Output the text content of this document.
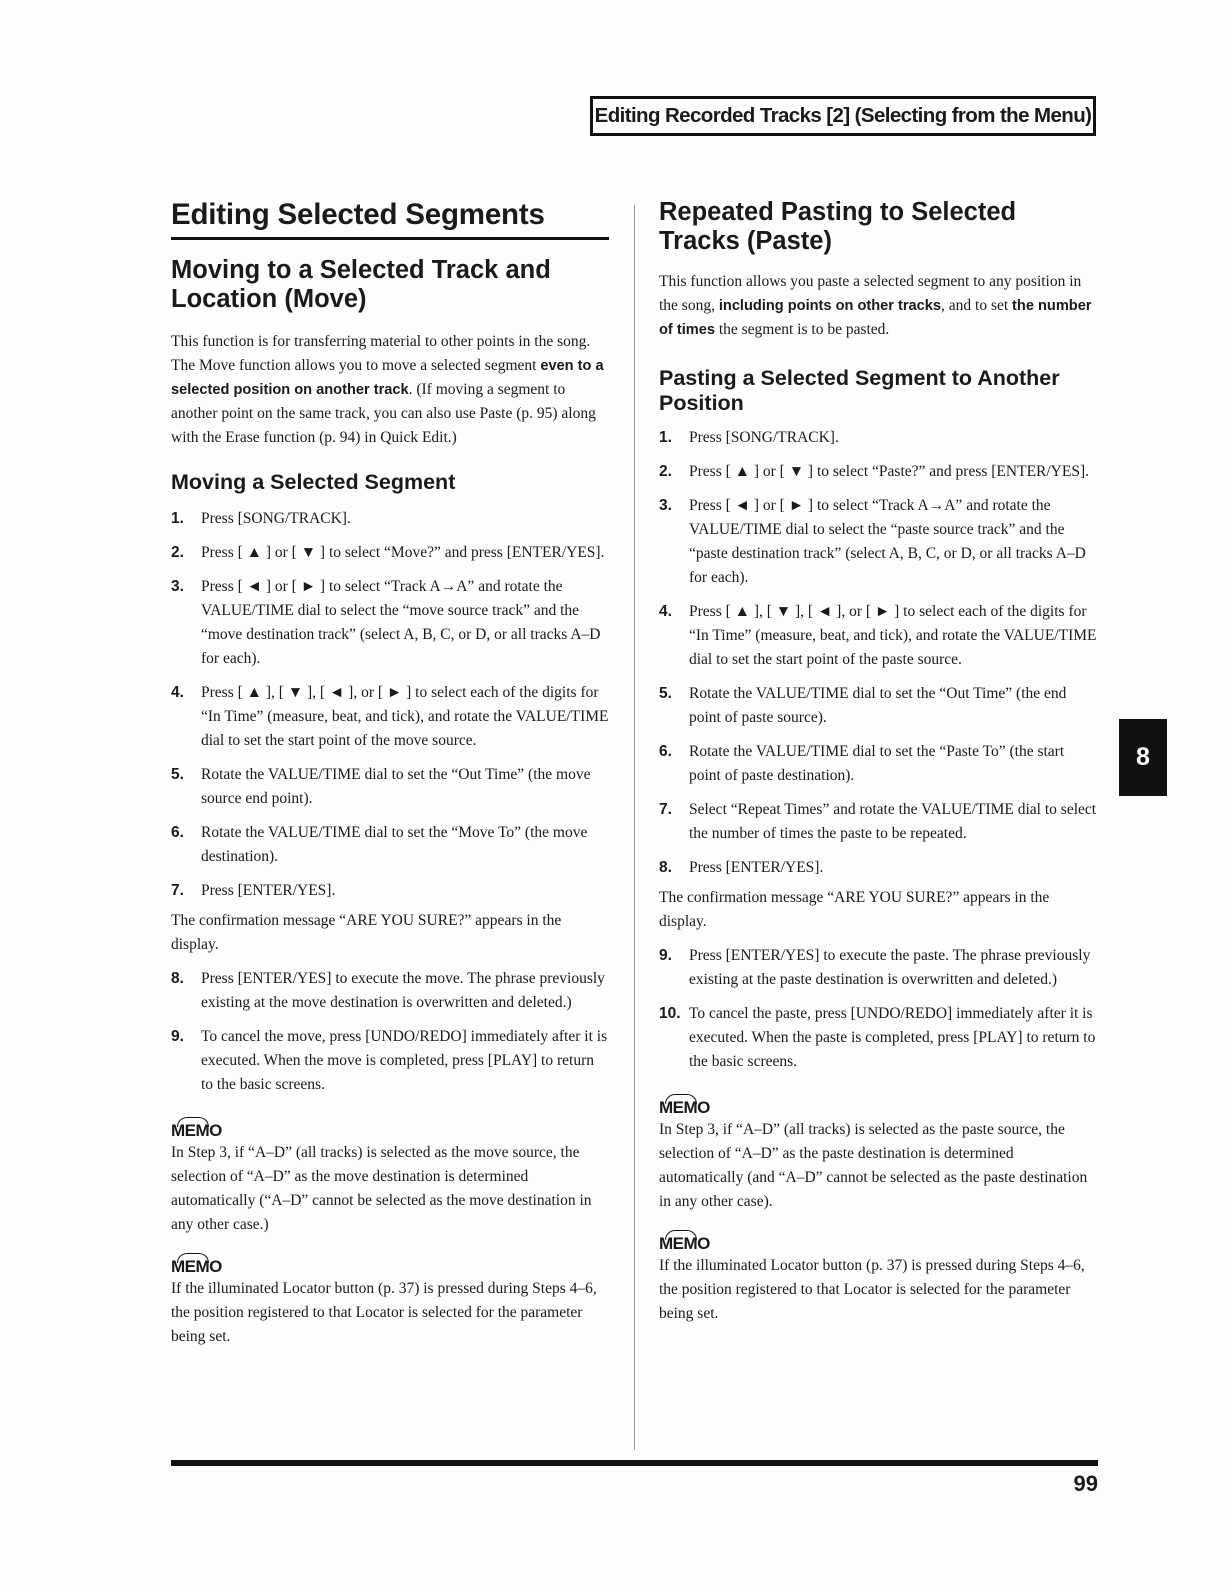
Editing Recorded Tracks [2] (Selecting from the Menu)
Editing Selected Segments
Moving to a Selected Track and Location (Move)

This function is for transferring material to other points in the song. The Move function allows you to move a selected segment even to a selected position on another track. (If moving a segment to another point on the same track, you can also use Paste (p. 95) along with the Erase function (p. 94) in Quick Edit.)

Moving a Selected Segment
1. Press [SONG/TRACK].
2. Press [ ▲ ] or [ ▼ ] to select “Move?” and press [ENTER/YES].
3. Press [ ◄ ] or [ ► ] to select “Track A→A” and rotate the VALUE/TIME dial to select the “move source track” and the “move destination track” (select A, B, C, or D, or all tracks A–D for each).
4. Press [ ▲ ], [ ▼ ], [ ◄ ], or [ ► ] to select each of the digits for “In Time” (measure, beat, and tick), and rotate the VALUE/TIME dial to set the start point of the move source.
5. Rotate the VALUE/TIME dial to set the “Out Time” (the move source end point).
6. Rotate the VALUE/TIME dial to set the “Move To” (the move destination).
7. Press [ENTER/YES].

The confirmation message “ARE YOU SURE?” appears in the display.

8. Press [ENTER/YES] to execute the move. The phrase previously existing at the move destination is overwritten and deleted.)
9. To cancel the move, press [UNDO/REDO] immediately after it is executed. When the move is completed, press [PLAY] to return to the basic screens.
MEMO

In Step 3, if “A–D” (all tracks) is selected as the move source, the selection of “A–D” as the move destination is determined automatically (“A–D” cannot be selected as the move destination in any other case.)

MEMO

If the illuminated Locator button (p. 37) is pressed during Steps 4–6, the position registered to that Locator is selected for the parameter being set.

Repeated Pasting to Selected Tracks (Paste)

This function allows you paste a selected segment to any position in the song, including points on other tracks, and to set the number of times the segment is to be pasted.

Pasting a Selected Segment to Another Position
1. Press [SONG/TRACK].
2. Press [ ▲ ] or [ ▼ ] to select “Paste?” and press [ENTER/YES].
3. Press [ ◄ ] or [ ► ] to select “Track A→A” and rotate the VALUE/TIME dial to select the “paste source track” and the “paste destination track” (select A, B, C, or D, or all tracks A–D for each).
4. Press [ ▲ ], [ ▼ ], [ ◄ ], or [ ► ] to select each of the digits for “In Time” (measure, beat, and tick), and rotate the VALUE/TIME dial to set the start point of the paste source.
5. Rotate the VALUE/TIME dial to set the “Out Time” (the end point of paste source).
6. Rotate the VALUE/TIME dial to set the “Paste To” (the start point of paste destination).
7. Select “Repeat Times” and rotate the VALUE/TIME dial to select the number of times the paste to be repeated.
8. Press [ENTER/YES].

The confirmation message “ARE YOU SURE?” appears in the display.

9. Press [ENTER/YES] to execute the paste. The phrase previously existing at the paste destination is overwritten and deleted.)
10. To cancel the paste, press [UNDO/REDO] immediately after it is executed. When the paste is completed, press [PLAY] to return to the basic screens.
MEMO

In Step 3, if “A–D” (all tracks) is selected as the paste source, the selection of “A–D” as the paste destination is determined automatically (and “A–D” cannot be selected as the paste destination in any other case).

MEMO

If the illuminated Locator button (p. 37) is pressed during Steps 4–6, the position registered to that Locator is selected for the parameter being set.

8
99
